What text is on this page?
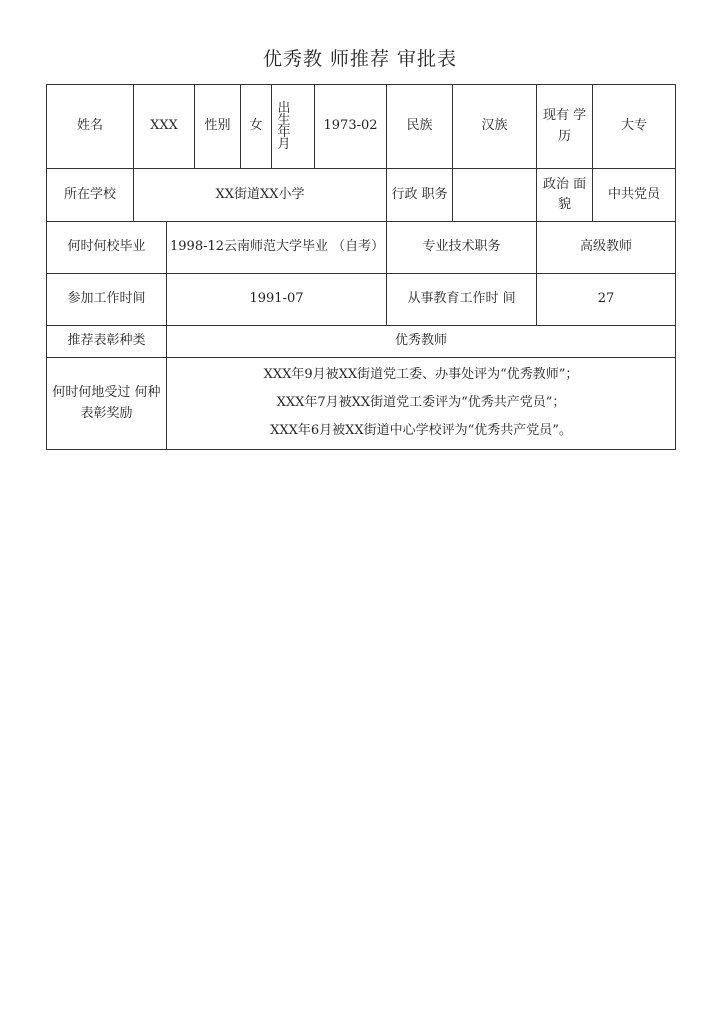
优秀教 师推荐 审批表
姓名	XXX		性别	女	出生年月	1973-02	民族	汉族	现有 学历	大专
所在学校	XX街道XX小学						行政 职务		政治 面貌	中共党员
何时何校毕业		1998-12云南师范大学毕业 （自考）					专业技术职务		高级教师	
参加工作时间		1991-07					从事教育工作时 间		27	
推荐表彰种类		优秀教师								
何时何地受过 何种表彰奖励		XXX年9月被XX街道党工委、办事处评为“优秀教师”；
XXX年7月被XX街道党工委评为“优秀共产党员”；
XXX年6月被XX街道中心学校评为“优秀共产党员”。								
